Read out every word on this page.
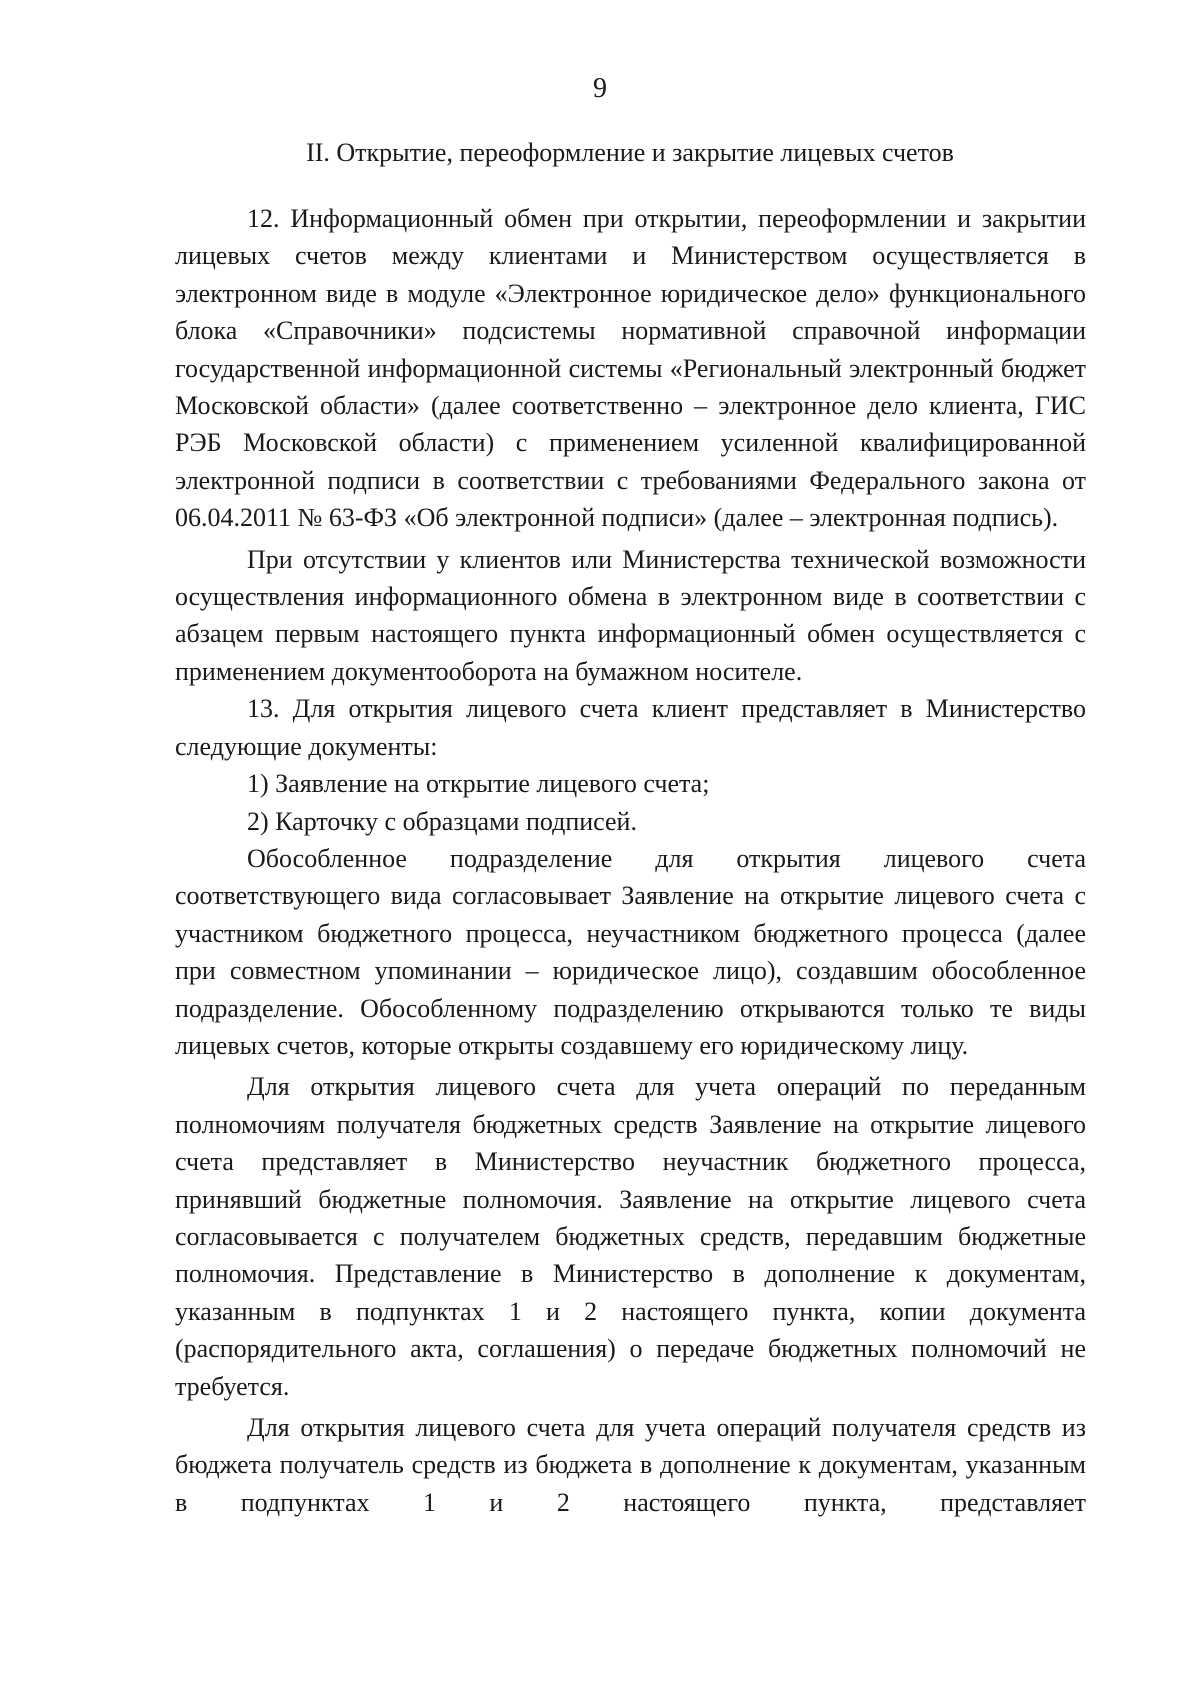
9
II. Открытие, переоформление и закрытие лицевых счетов

12. Информационный обмен при открытии, переоформлении и закрытии лицевых счетов между клиентами и Министерством осуществляется в электронном виде в модуле «Электронное юридическое дело» функционального блока «Справочники» подсистемы нормативной справочной информации государственной информационной системы «Региональный электронный бюджет Московской области» (далее соответственно – электронное дело клиента, ГИС РЭБ Московской области) с применением усиленной квалифицированной электронной подписи в соответствии с требованиями Федерального закона от 06.04.2011 № 63-ФЗ «Об электронной подписи» (далее – электронная подпись).

При отсутствии у клиентов или Министерства технической возможности осуществления информационного обмена в электронном виде в соответствии с абзацем первым настоящего пункта информационный обмен осуществляется с применением документооборота на бумажном носителе.

13. Для открытия лицевого счета клиент представляет в Министерство следующие документы:

1) Заявление на открытие лицевого счета;

2) Карточку с образцами подписей.

Обособленное подразделение для открытия лицевого счета соответствующего вида согласовывает Заявление на открытие лицевого счета с участником бюджетного процесса, неучастником бюджетного процесса (далее при совместном упоминании – юридическое лицо), создавшим обособленное подразделение. Обособленному подразделению открываются только те виды лицевых счетов, которые открыты создавшему его юридическому лицу.

Для открытия лицевого счета для учета операций по переданным полномочиям получателя бюджетных средств Заявление на открытие лицевого счета представляет в Министерство неучастник бюджетного процесса, принявший бюджетные полномочия. Заявление на открытие лицевого счета согласовывается с получателем бюджетных средств, передавшим бюджетные полномочия. Представление в Министерство в дополнение к документам, указанным в подпунктах 1 и 2 настоящего пункта, копии документа (распорядительного акта, соглашения) о передаче бюджетных полномочий не требуется.

Для открытия лицевого счета для учета операций получателя средств из бюджета получатель средств из бюджета в дополнение к документам, указанным в подпунктах 1 и 2 настоящего пункта, представляет
